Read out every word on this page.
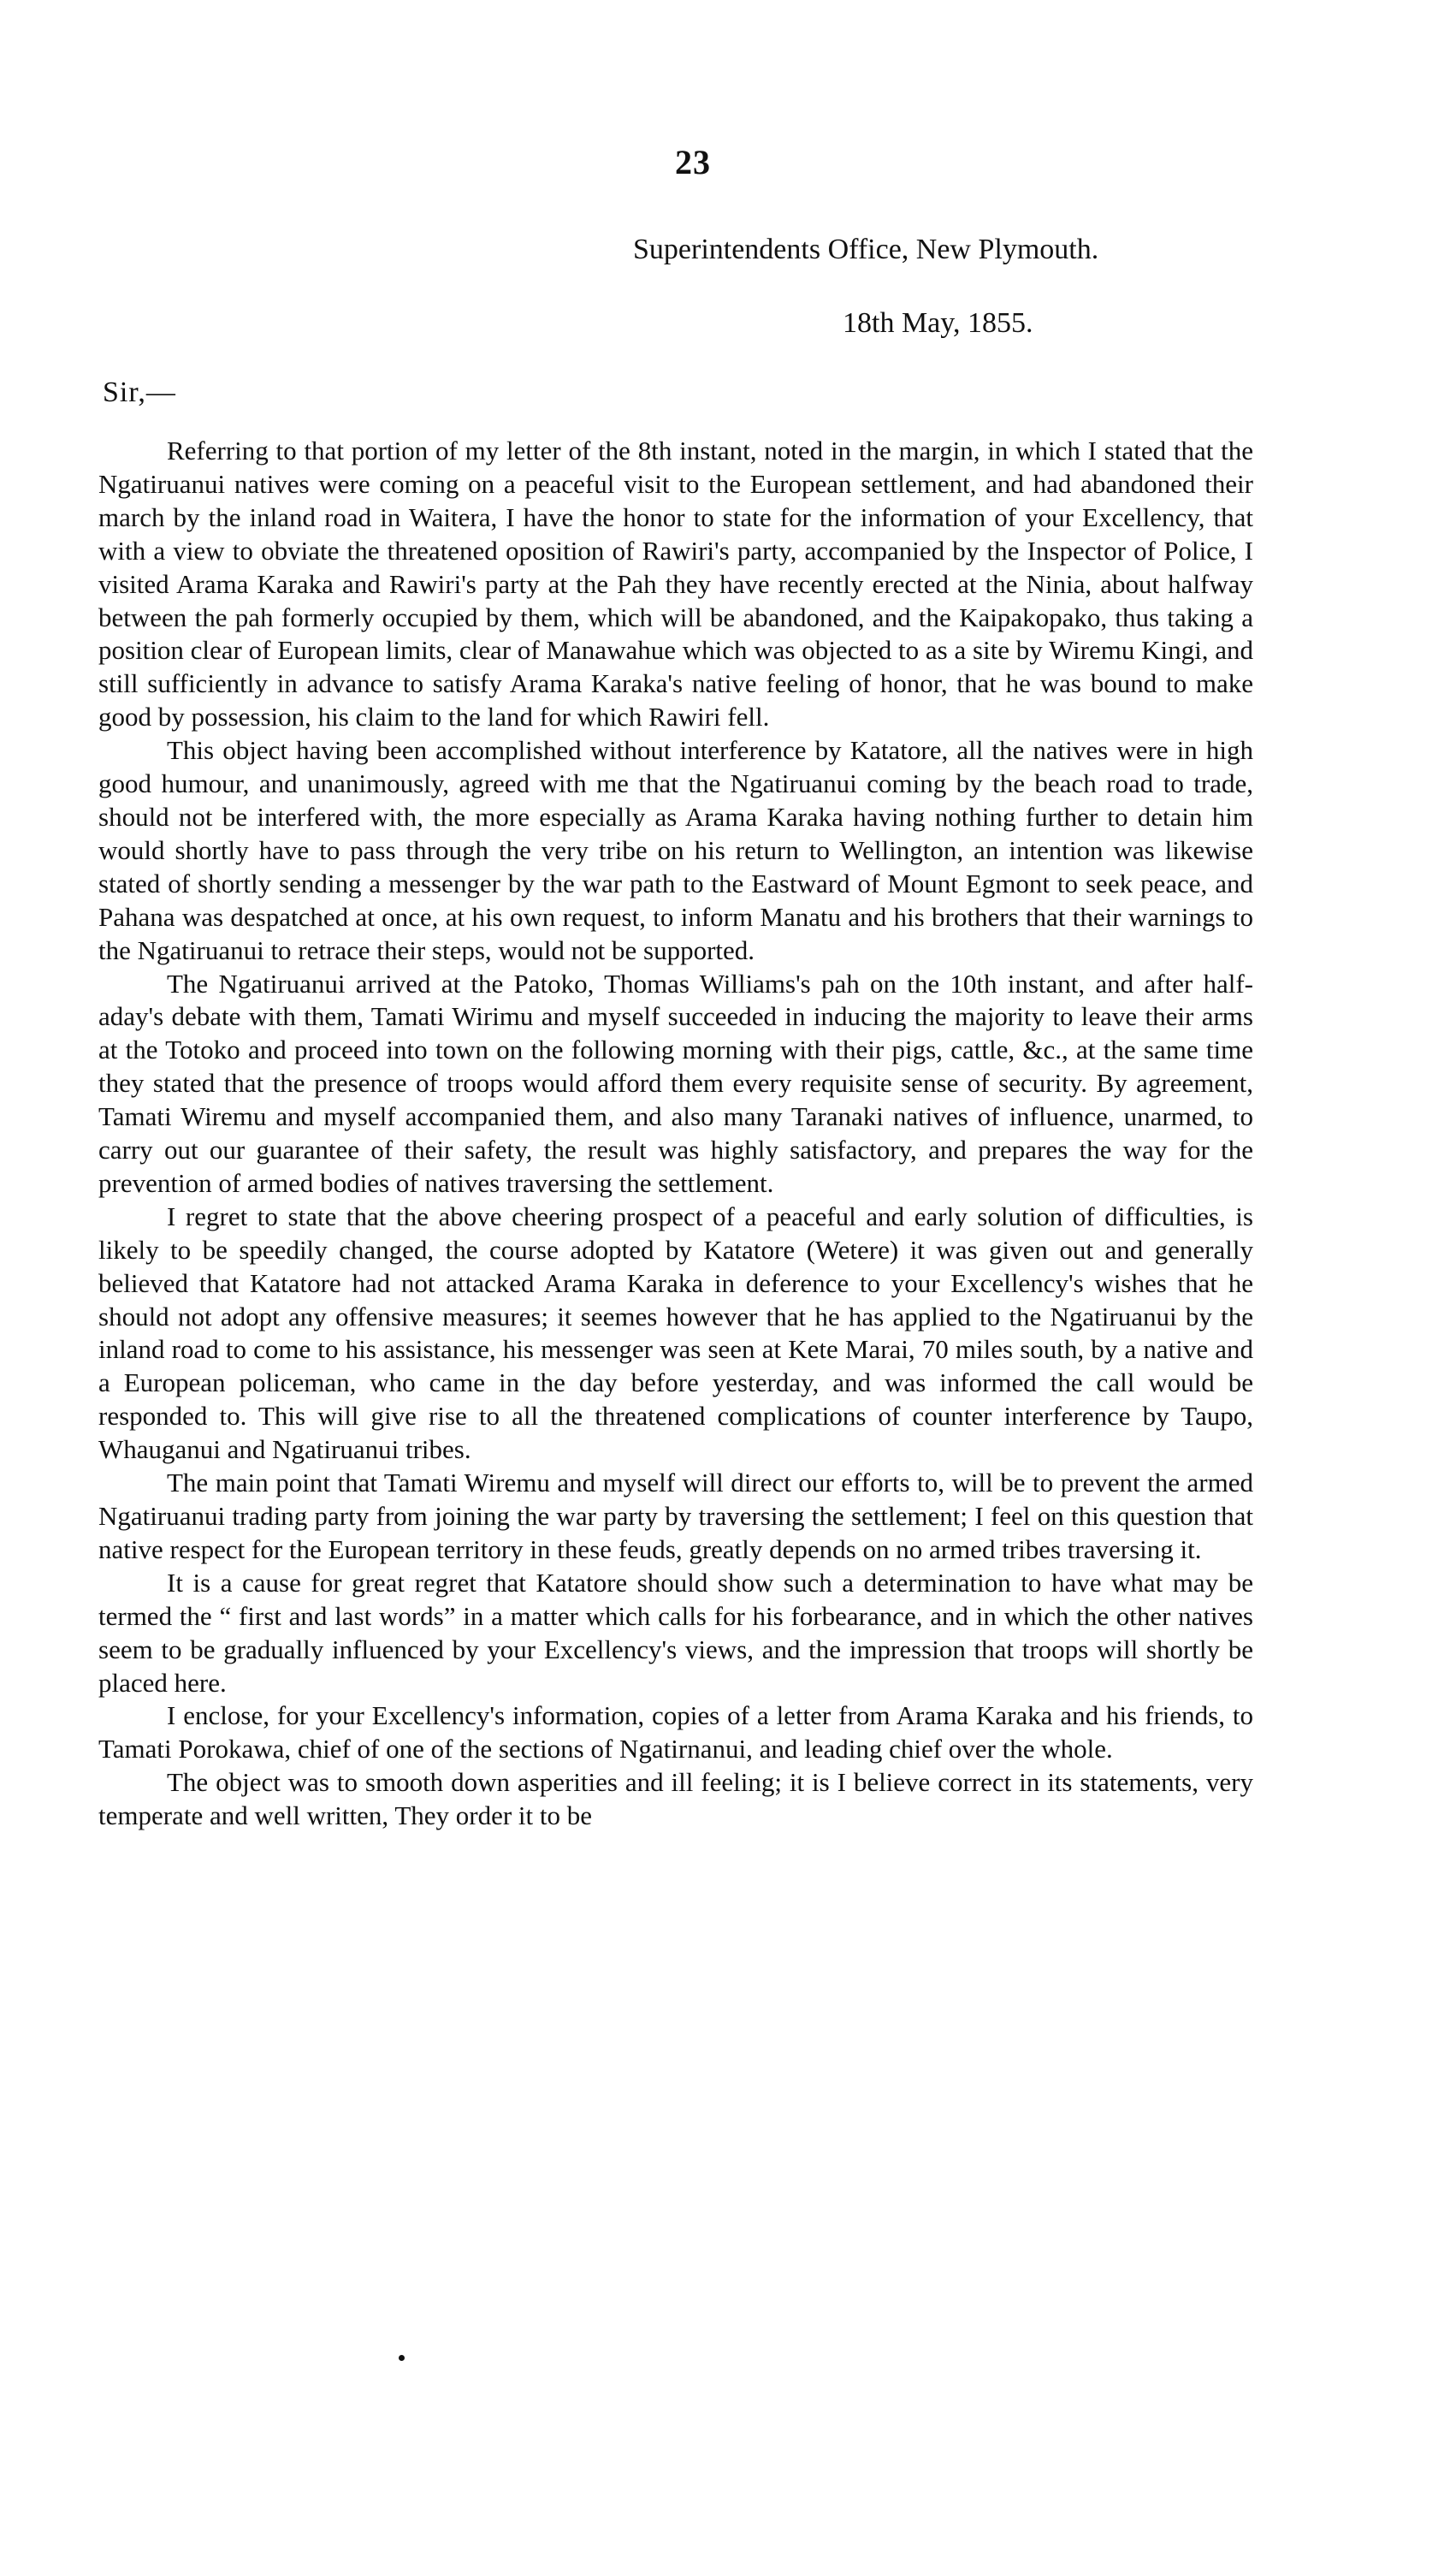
23
Superintendents Office, New Plymouth.
18th May, 1855.
Sir,—

Referring to that portion of my letter of the 8th instant, noted in the margin, in which I stated that the Ngatiruanui natives were coming on a peaceful visit to the European settlement, and had abandoned their march by the inland road in Waitera, I have the honor to state for the information of your Excellency, that with a view to obviate the threatened oposition of Rawiri's party, accompanied by the Inspector of Police, I visited Arama Karaka and Rawiri's party at the Pah they have recently erected at the Ninia, about halfway between the pah formerly occupied by them, which will be abandoned, and the Kaipakopako, thus taking a position clear of European limits, clear of Manawahue which was objected to as a site by Wiremu Kingi, and still sufficiently in advance to satisfy Arama Karaka's native feeling of honor, that he was bound to make good by possession, his claim to the land for which Rawiri fell.

This object having been accomplished without interference by Katatore, all the natives were in high good humour, and unanimously, agreed with me that the Ngatiruanui coming by the beach road to trade, should not be interfered with, the more especially as Arama Karaka having nothing further to detain him would shortly have to pass through the very tribe on his return to Wellington, an intention was likewise stated of shortly sending a messenger by the war path to the Eastward of Mount Egmont to seek peace, and Pahana was despatched at once, at his own request, to inform Manatu and his brothers that their warnings to the Ngatiruanui to retrace their steps, would not be supported.

The Ngatiruanui arrived at the Patoko, Thomas Williams's pah on the 10th instant, and after half-aday's debate with them, Tamati Wirimu and myself succeeded in inducing the majority to leave their arms at the Totoko and proceed into town on the following morning with their pigs, cattle, &c., at the same time they stated that the presence of troops would afford them every requisite sense of security. By agreement, Tamati Wiremu and myself accompanied them, and also many Taranaki natives of influence, unarmed, to carry out our guarantee of their safety, the result was highly satisfactory, and prepares the way for the prevention of armed bodies of natives traversing the settlement.

I regret to state that the above cheering prospect of a peaceful and early solution of difficulties, is likely to be speedily changed, the course adopted by Katatore (Wetere) it was given out and generally believed that Katatore had not attacked Arama Karaka in deference to your Excellency's wishes that he should not adopt any offensive measures; it seemes however that he has applied to the Ngatiruanui by the inland road to come to his assistance, his messenger was seen at Kete Marai, 70 miles south, by a native and a European policeman, who came in the day before yesterday, and was informed the call would be responded to. This will give rise to all the threatened complications of counter interference by Taupo, Whauganui and Ngatiruanui tribes.

The main point that Tamati Wiremu and myself will direct our efforts to, will be to prevent the armed Ngatiruanui trading party from joining the war party by traversing the settlement; I feel on this question that native respect for the European territory in these feuds, greatly depends on no armed tribes traversing it.

It is a cause for great regret that Katatore should show such a determination to have what may be termed the “ first and last words” in a matter which calls for his forbearance, and in which the other natives seem to be gradually influenced by your Excellency's views, and the impression that troops will shortly be placed here.

I enclose, for your Excellency's information, copies of a letter from Arama Karaka and his friends, to Tamati Porokawa, chief of one of the sections of Ngatirnanui, and leading chief over the whole.

The object was to smooth down asperities and ill feeling; it is I believe correct in its statements, very temperate and well written, They order it to be
